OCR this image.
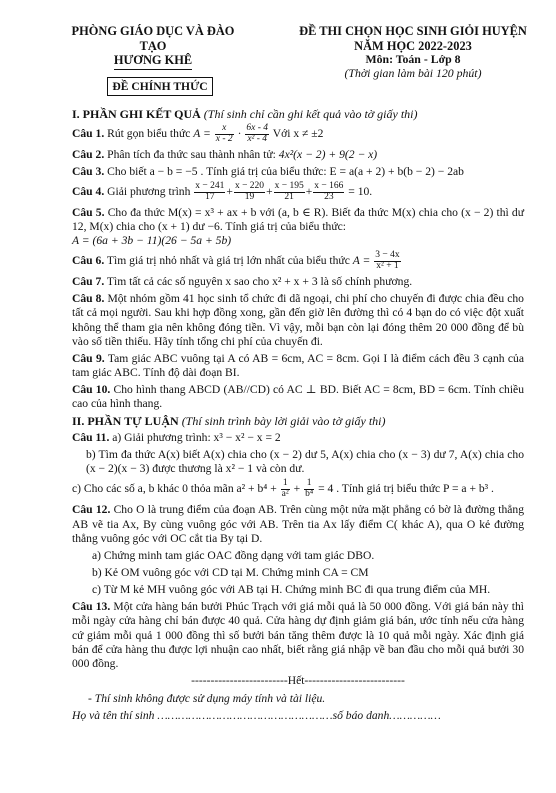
PHÒNG GIÁO DỤC VÀ ĐÀO TẠO
HƯƠNG KHÊ
ĐỀ CHÍNH THỨC
ĐỀ THI CHỌN HỌC SINH GIỎI HUYỆN
NĂM HỌC 2022-2023
Môn: Toán - Lớp 8
(Thời gian làm bài 120 phút)
I. PHẦN GHI KẾT QUẢ (Thí sinh chỉ cần ghi kết quả vào tờ giấy thi)

Câu 1. Rút gọn biểu thức $A = \frac{x}{x - 2} \cdot \frac{6x - 4}{\text{x² - 4}}$ Với x ≠ ±2

Câu 2. Phân tích đa thức sau thành nhân tử: 4x²(x − 2) + 9(2 − x)

Câu 3. Cho biết a − b = −5 . Tính giá trị của biểu thức: E = a(a + 2) + b(b − 2) − 2ab

Câu 4. Giải phương trình $\frac{x - 241}{17} + \frac{x - 220}{19} + \frac{x - 195}{21} + \frac{x - 166}{23} = 10$.

Câu 5. Cho đa thức M(x) = x³ + ax + b với (a, b ∈ R). Biết đa thức M(x) chia cho (x − 2) thì dư 12, M(x) chia cho (x + 1) dư −6. Tính giá trị của biểu thức:
A = (6a + 3b − 11)(26 − 5a + 5b)

Câu 6. Tìm giá trị nhỏ nhất và giá trị lớn nhất của biểu thức $A = \frac{3 - 4x}{\text{x² + 1}}$

Câu 7. Tìm tất cả các số nguyên x sao cho x² + x + 3 là số chính phương.

Câu 8. Một nhóm gồm 41 học sinh tổ chức đi dã ngoại, chi phí cho chuyến đi được chia đều cho tất cả mọi người. Sau khi hợp đồng xong, gần đến giờ lên đường thì có 4 bạn do có việc đột xuất không thể tham gia nên không đóng tiền. Vì vậy, mỗi bạn còn lại đóng thêm 20 000 đồng để bù vào số tiền thiếu. Hãy tính tổng chi phí của chuyến đi.

Câu 9. Tam giác ABC vuông tại A có AB = 6cm, AC = 8cm. Gọi I là điểm cách đều 3 cạnh của tam giác ABC. Tính độ dài đoạn BI.

Câu 10. Cho hình thang ABCD (AB//CD) có AC ⊥ BD. Biết AC = 8cm, BD = 6cm. Tính chiều cao của hình thang.

II. PHẦN TỰ LUẬN (Thí sinh trình bày lời giải vào tờ giấy thi)

Câu 11. a) Giải phương trình: x³ − x² − x = 2

b) Tìm đa thức A(x) biết A(x) chia cho (x − 2) dư 5, A(x) chia cho (x − 3) dư 7, A(x) chia cho (x − 2)(x − 3) được thương là x² − 1 và còn dư.

c) Cho các số a, b khác 0 thỏa mãn $a^2 + b^4 + \frac{1}{\text{a²}} + \frac{1}{\text{b⁴}} = 4$ . Tính giá trị biểu thức P = a + b³ .

Câu 12. Cho O là trung điểm của đoạn AB. Trên cùng một nửa mặt phẳng có bờ là đường thẳng AB vẽ tia Ax, By cùng vuông góc với AB. Trên tia Ax lấy điểm C( khác A), qua O kẻ đường thẳng vuông góc với OC cắt tia By tại D.

a) Chứng minh tam giác OAC đồng dạng với tam giác DBO.

b) Kẻ OM vuông góc với CD tại M. Chứng minh CA = CM

c) Từ M kẻ MH vuông góc với AB tại H. Chứng minh BC đi qua trung điểm của MH.

Câu 13. Một cửa hàng bán bưởi Phúc Trạch với giá mỗi quả là 50 000 đồng. Với giá bán này thì mỗi ngày cửa hàng chỉ bán được 40 quả. Cửa hàng dự định giảm giá bán, ước tính nếu cửa hàng cứ giảm mỗi quả 1 000 đồng thì số bưởi bán tăng thêm được là 10 quả mỗi ngày. Xác định giá bán để cửa hàng thu được lợi nhuận cao nhất, biết rằng giá nhập về ban đầu cho mỗi quả bưởi 30 000 đồng.

-------------------------Hết--------------------------
- Thí sinh không được sử dụng máy tính và tài liệu.
Họ và tên thí sinh ……………………………………………số báo danh……………
